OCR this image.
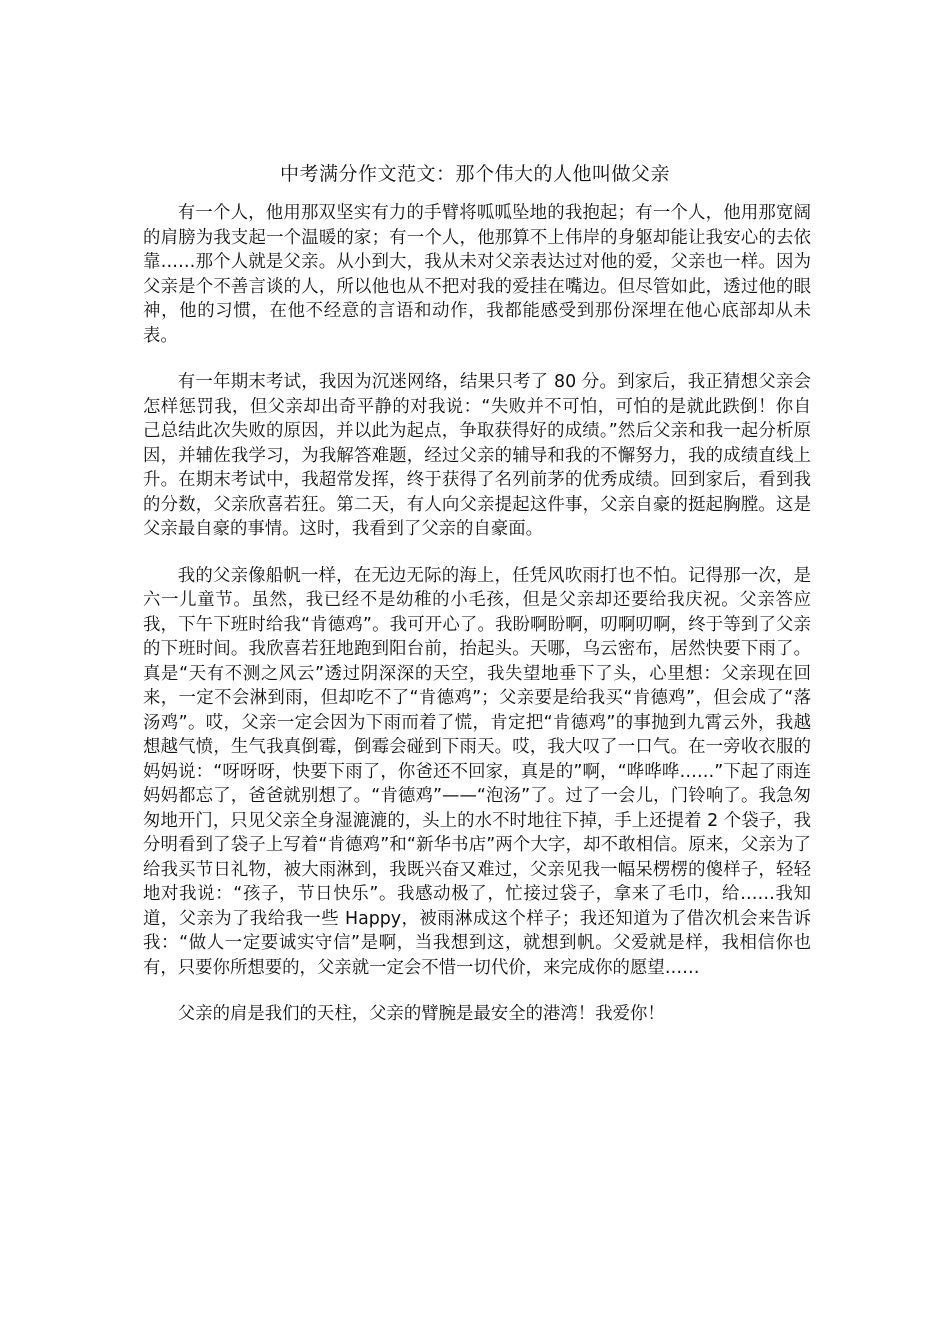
中考满分作文范文：那个伟大的人他叫做父亲

有一个人，他用那双坚实有力的手臂将呱呱坠地的我抱起；有一个人，他用那宽阔的肩膀为我支起一个温暖的家；有一个人，他那算不上伟岸的身躯却能让我安心的去依靠……那个人就是父亲。从小到大，我从未对父亲表达过对他的爱，父亲也一样。因为父亲是个不善言谈的人，所以他也从不把对我的爱挂在嘴边。但尽管如此，透过他的眼神，他的习惯，在他不经意的言语和动作，我都能感受到那份深埋在他心底部却从未表。

有一年期末考试，我因为沉迷网络，结果只考了 80 分。到家后，我正猜想父亲会怎样惩罚我，但父亲却出奇平静的对我说：“失败并不可怕，可怕的是就此跌倒！你自己总结此次失败的原因，并以此为起点，争取获得好的成绩。”然后父亲和我一起分析原因，并辅佐我学习，为我解答难题，经过父亲的辅导和我的不懈努力，我的成绩直线上升。在期末考试中，我超常发挥，终于获得了名列前茅的优秀成绩。回到家后，看到我的分数，父亲欣喜若狂。第二天，有人向父亲提起这件事，父亲自豪的挺起胸膛。这是父亲最自豪的事情。这时，我看到了父亲的自豪面。

我的父亲像船帆一样，在无边无际的海上，任凭风吹雨打也不怕。记得那一次，是六一儿童节。虽然，我已经不是幼稚的小毛孩，但是父亲却还要给我庆祝。父亲答应我，下午下班时给我“肯德鸡”。我可开心了。我盼啊盼啊，叨啊叨啊，终于等到了父亲的下班时间。我欣喜若狂地跑到阳台前，抬起头。天哪，乌云密布，居然快要下雨了。真是“天有不测之风云”透过阴深深的天空，我失望地垂下了头，心里想：父亲现在回来，一定不会淋到雨，但却吃不了“肯德鸡”；父亲要是给我买“肯德鸡”，但会成了“落汤鸡”。哎，父亲一定会因为下雨而着了慌，肯定把“肯德鸡”的事抛到九霄云外，我越想越气愤，生气我真倒霉，倒霉会碰到下雨天。哎，我大叹了一口气。在一旁收衣服的妈妈说：“呀呀呀，快要下雨了，你爸还不回家，真是的”啊，“哗哗哗……”下起了雨连妈妈都忘了，爸爸就别想了。“肯德鸡”——“泡汤”了。过了一会儿，门铃响了。我急匆匆地开门，只见父亲全身湿漉漉的，头上的水不时地往下掉，手上还提着 2 个袋子，我分明看到了袋子上写着“肯德鸡”和“新华书店”两个大字，却不敢相信。原来，父亲为了给我买节日礼物，被大雨淋到，我既兴奋又难过，父亲见我一幅呆楞楞的傻样子，轻轻地对我说：“孩子，节日快乐”。我感动极了，忙接过袋子，拿来了毛巾，给……我知道，父亲为了我给我一些 Happy，被雨淋成这个样子；我还知道为了借次机会来告诉我：“做人一定要诚实守信”是啊，当我想到这，就想到帆。父爱就是样，我相信你也有，只要你所想要的，父亲就一定会不惜一切代价，来完成你的愿望……

父亲的肩是我们的天柱，父亲的臂腕是最安全的港湾！我爱你！
